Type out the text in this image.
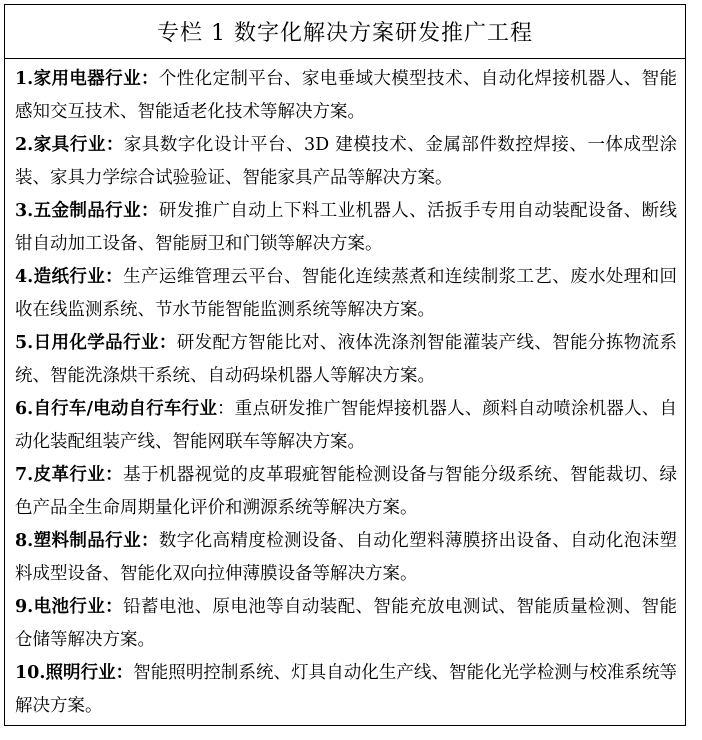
专栏 1 数字化解决方案研发推广工程
1.家用电器行业：个性化定制平台、家电垂域大模型技术、自动化焊接机器人、智能感知交互技术、智能适老化技术等解决方案。
2.家具行业：家具数字化设计平台、3D 建模技术、金属部件数控焊接、一体成型涂装、家具力学综合试验验证、智能家具产品等解决方案。
3.五金制品行业：研发推广自动上下料工业机器人、活扳手专用自动装配设备、断线钳自动加工设备、智能厨卫和门锁等解决方案。
4.造纸行业：生产运维管理云平台、智能化连续蒸煮和连续制浆工艺、废水处理和回收在线监测系统、节水节能智能监测系统等解决方案。
5.日用化学品行业：研发配方智能比对、液体洗涤剂智能灌装产线、智能分拣物流系统、智能洗涤烘干系统、自动码垛机器人等解决方案。
6.自行车/电动自行车行业：重点研发推广智能焊接机器人、颜料自动喷涂机器人、自动化装配组装产线、智能网联车等解决方案。
7.皮革行业：基于机器视觉的皮革瑕疵智能检测设备与智能分级系统、智能裁切、绿色产品全生命周期量化评价和溯源系统等解决方案。
8.塑料制品行业：数字化高精度检测设备、自动化塑料薄膜挤出设备、自动化泡沫塑料成型设备、智能化双向拉伸薄膜设备等解决方案。
9.电池行业：铅蓄电池、原电池等自动装配、智能充放电测试、智能质量检测、智能仓储等解决方案。
10.照明行业：智能照明控制系统、灯具自动化生产线、智能化光学检测与校准系统等解决方案。
